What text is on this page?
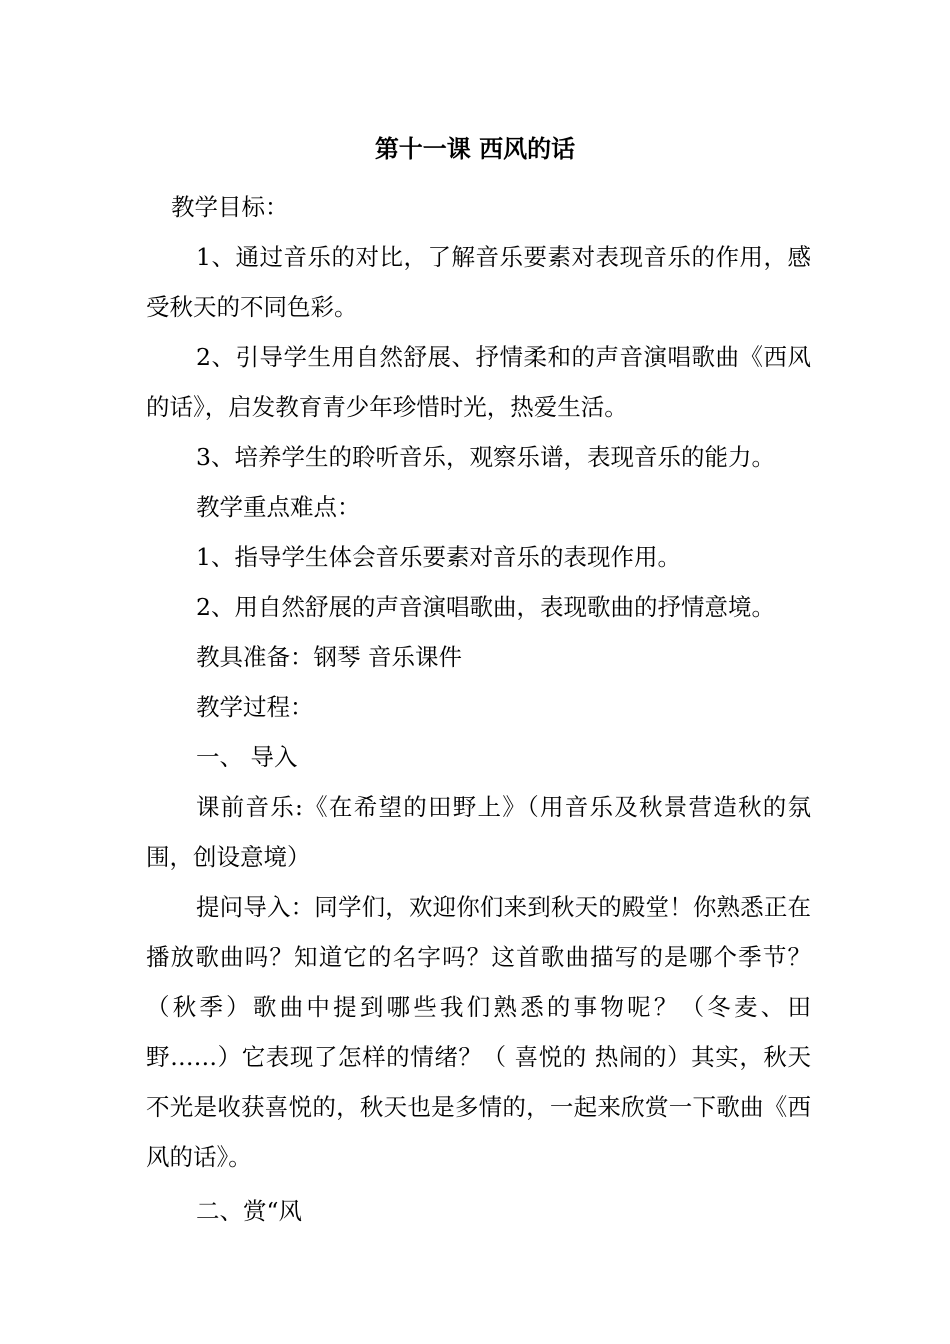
第十一课 西风的话

教学目标：

1、通过音乐的对比，了解音乐要素对表现音乐的作用，感受秋天的不同色彩。

2、引导学生用自然舒展、抒情柔和的声音演唱歌曲《西风的话》，启发教育青少年珍惜时光，热爱生活。

3、培养学生的聆听音乐，观察乐谱，表现音乐的能力。

教学重点难点：

1、指导学生体会音乐要素对音乐的表现作用。

2、用自然舒展的声音演唱歌曲，表现歌曲的抒情意境。

教具准备：钢琴 音乐课件

教学过程：

一、 导入

课前音乐:《在希望的田野上》（用音乐及秋景营造秋的氛围，创设意境）

提问导入：同学们，欢迎你们来到秋天的殿堂！你熟悉正在播放歌曲吗？知道它的名字吗？这首歌曲描写的是哪个季节？（秋季）歌曲中提到哪些我们熟悉的事物呢？（冬麦、田野……）它表现了怎样的情绪？（ 喜悦的 热闹的）其实，秋天不光是收获喜悦的，秋天也是多情的，一起来欣赏一下歌曲《西风的话》。

二、赏“风
